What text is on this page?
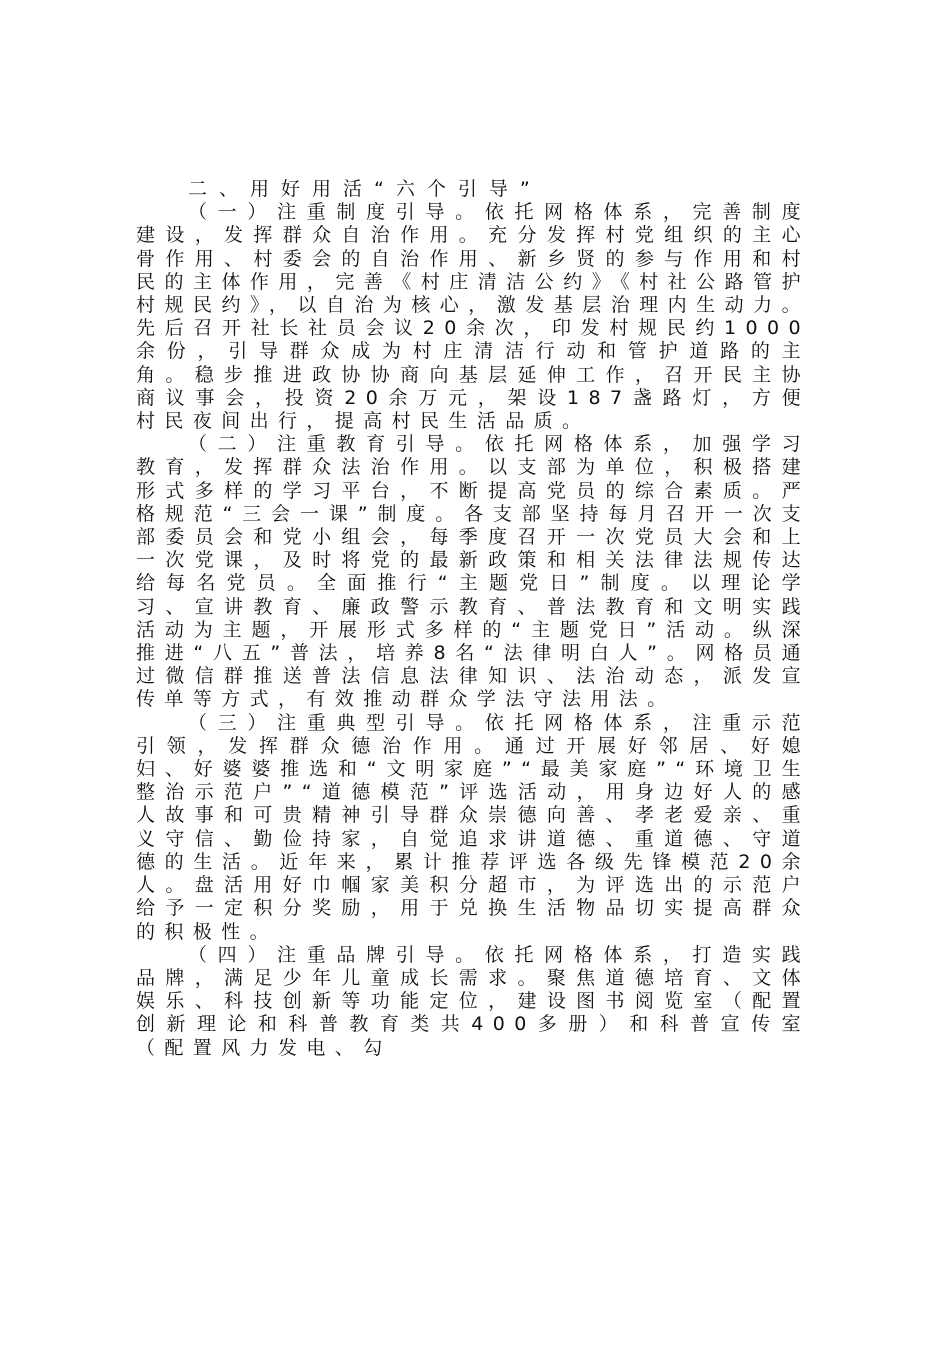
二、用好用活“六个引导”

（一）注重制度引导。依托网格体系，完善制度建设，发挥群众自治作用。充分发挥村党组织的主心骨作用、村委会的自治作用、新乡贤的参与作用和村民的主体作用，完善《村庄清洁公约》《村社公路管护村规民约》，以自治为核心，激发基层治理内生动力。先后召开社长社员会议20余次，印发村规民约1000余份，引导群众成为村庄清洁行动和管护道路的主角。稳步推进政协协商向基层延伸工作，召开民主协商议事会，投资20余万元，架设187盏路灯，方便村民夜间出行，提高村民生活品质。

（二）注重教育引导。依托网格体系，加强学习教育，发挥群众法治作用。以支部为单位，积极搭建形式多样的学习平台，不断提高党员的综合素质。严格规范“三会一课”制度。各支部坚持每月召开一次支部委员会和党小组会，每季度召开一次党员大会和上一次党课，及时将党的最新政策和相关法律法规传达给每名党员。全面推行“主题党日”制度。以理论学习、宣讲教育、廉政警示教育、普法教育和文明实践活动为主题，开展形式多样的“主题党日”活动。纵深推进“八五”普法，培养8名“法律明白人”。网格员通过微信群推送普法信息法律知识、法治动态，派发宣传单等方式，有效推动群众学法守法用法。

（三）注重典型引导。依托网格体系，注重示范引领，发挥群众德治作用。通过开展好邻居、好媳妇、好婆婆推选和“文明家庭”“最美家庭”“环境卫生整治示范户”“道德模范”评选活动，用身边好人的感人故事和可贵精神引导群众崇德向善、孝老爱亲、重义守信、勤俭持家，自觉追求讲道德、重道德、守道德的生活。近年来，累计推荐评选各级先锋模范20余人。盘活用好巾帼家美积分超市，为评选出的示范户给予一定积分奖励，用于兑换生活物品切实提高群众的积极性。

（四）注重品牌引导。依托网格体系，打造实践品牌，满足少年儿童成长需求。聚焦道德培育、文体娱乐、科技创新等功能定位，建设图书阅览室（配置创新理论和科普教育类共400多册）和科普宣传室（配置风力发电、勾
